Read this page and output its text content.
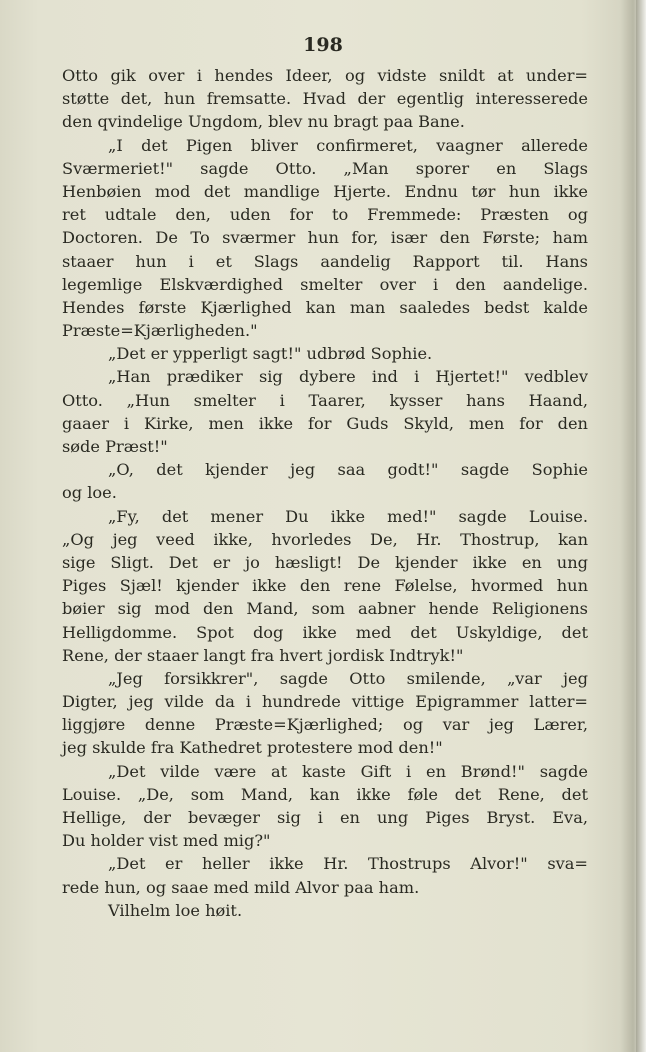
198
Otto gik over i hendes Ideer, og vidste snildt at under=
støtte det, hun fremsatte. Hvad der egentlig interesserede
den qvindelige Ungdom, blev nu bragt paa Bane.
„I det Pigen bliver confirmeret, vaagner allerede
Sværmeriet!" sagde Otto. „Man sporer en Slags
Henbøien mod det mandlige Hjerte. Endnu tør hun ikke
ret udtale den, uden for to Fremmede: Præsten og
Doctoren. De To sværmer hun for, især den Første; ham
staaer hun i et Slags aandelig Rapport til. Hans
legemlige Elskværdighed smelter over i den aandelige.
Hendes første Kjærlighed kan man saaledes bedst kalde
Præste=Kjærligheden."
„Det er ypperligt sagt!" udbrød Sophie.
„Han prædiker sig dybere ind i Hjertet!" vedblev
Otto. „Hun smelter i Taarer, kysser hans Haand,
gaaer i Kirke, men ikke for Guds Skyld, men for den
søde Præst!"
„O, det kjender jeg saa godt!" sagde Sophie
og loe.
„Fy, det mener Du ikke med!" sagde Louise.
„Og jeg veed ikke, hvorledes De, Hr. Thostrup, kan
sige Sligt. Det er jo hæsligt! De kjender ikke en ung
Piges Sjæl! kjender ikke den rene Følelse, hvormed hun
bøier sig mod den Mand, som aabner hende Religionens
Helligdomme. Spot dog ikke med det Uskyldige, det
Rene, der staaer langt fra hvert jordisk Indtryk!"
„Jeg forsikkrer", sagde Otto smilende, „var jeg
Digter, jeg vilde da i hundrede vittige Epigrammer latter=
liggjøre denne Præste=Kjærlighed; og var jeg Lærer,
jeg skulde fra Kathedret protestere mod den!"
„Det vilde være at kaste Gift i en Brønd!" sagde
Louise. „De, som Mand, kan ikke føle det Rene, det
Hellige, der bevæger sig i en ung Piges Bryst. Eva,
Du holder vist med mig?"
„Det er heller ikke Hr. Thostrups Alvor!" sva=
rede hun, og saae med mild Alvor paa ham.
Vilhelm loe høit.
